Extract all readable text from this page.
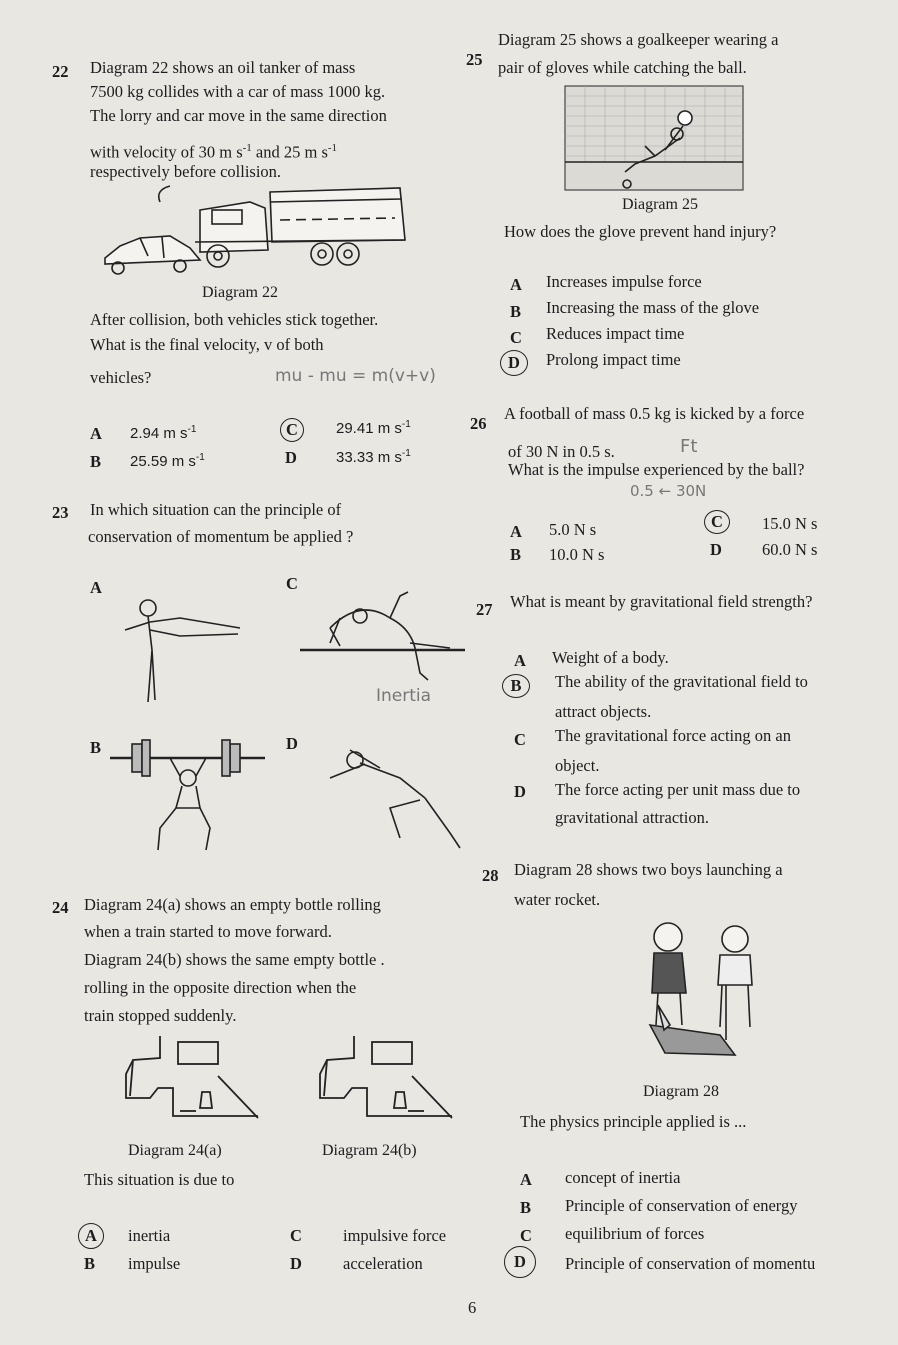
22 Diagram 22 shows an oil tanker of mass
7500 kg collides with a car of mass 1000 kg.
The lorry and car move in the same direction
with velocity of 30 m $s^{-1}$ and 25 m $s^{-1}$
respectively before collision.
Diagram 22
After collision, both vehicles stick together.
What is the final velocity, v of both
vehicles?	mu - mu = m(v+v)
A 2.94 m $s^{-1}$	C	29.41 m $s^{-1}$
B 25.59 m $s^{-1}$	D	33.33 m $s^{-1}$
23 In which situation can the principle of
conservation of momentum be applied ?
A	C
B	D
Inertia
24 Diagram 24(a) shows an empty bottle rolling
when a train started to move forward.
Diagram 24(b) shows the same empty bottle .
rolling in the opposite direction when the
train stopped suddenly.
Diagram 24(a)	Diagram 24(b)
This situation is due to
A	inertia	C impulsive force
B impulse	D acceleration
25
Diagram 25 shows a goalkeeper wearing a
pair of gloves while catching the ball.
Diagram 25
How does the glove prevent hand injury?
A Increases impulse force
B Increasing the mass of the glove
C Reduces impact time
D	Prolong impact time
26
A football of mass 0.5 kg is kicked by a force
of 30 N in 0.5 s.	Ft
What is the impulse experienced by the ball?
0.5 ← 30N
A 5.0 N s	C	15.0 N s
B 10.0 N s	D 60.0 N s
27 What is meant by gravitational field strength?
A Weight of a body.
B	The ability of the gravitational field to
attract objects.
C The gravitational force acting on an
object.
D The force acting per unit mass due to
gravitational attraction.
28 Diagram 28 shows two boys launching a
water rocket.
Diagram 28
The physics principle applied is ...
A concept of inertia
B Principle of conservation of energy
C equilibrium of forces
D	Principle of conservation of momentu
6
